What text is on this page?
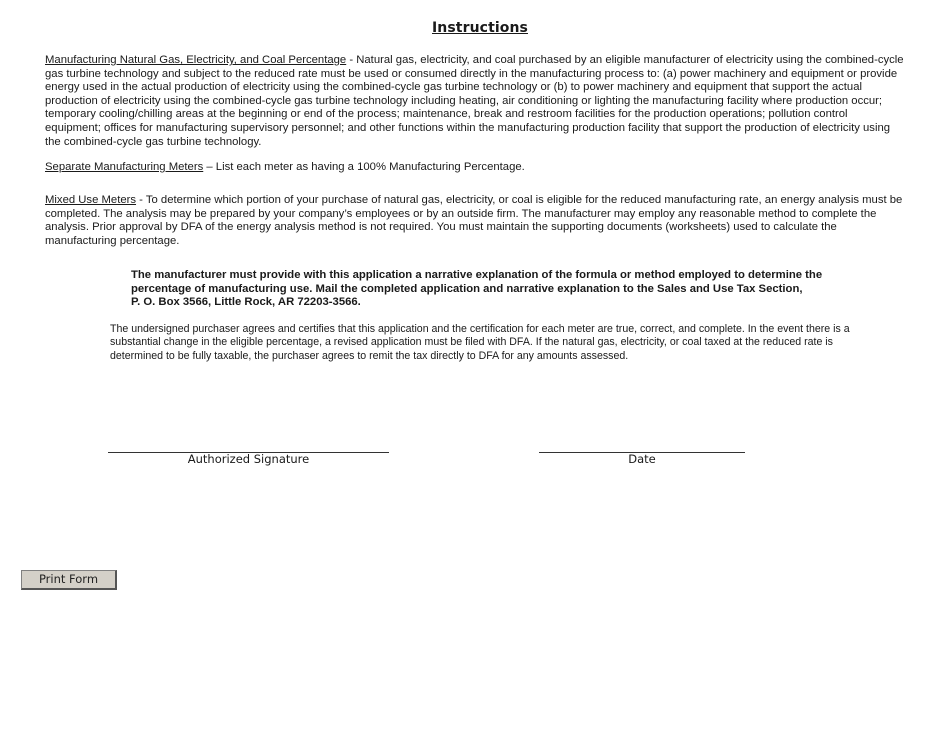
Instructions

Manufacturing Natural Gas, Electricity, and Coal Percentage - Natural gas, electricity, and coal purchased by an eligible manufacturer of electricity using the combined-cycle gas turbine technology and subject to the reduced rate must be used or consumed directly in the manufacturing process to: (a) power machinery and equipment or provide energy used in the actual production of electricity using the combined-cycle gas turbine technology or (b) to power machinery and equipment that support the actual production of electricity using the combined-cycle gas turbine technology including heating, air conditioning or lighting the manufacturing facility where production occur; temporary cooling/chilling areas at the beginning or end of the process; maintenance, break and restroom facilities for the production operations; pollution control equipment; offices for manufacturing supervisory personnel; and other functions within the manufacturing production facility that support the production of electricity using the combined-cycle gas turbine technology.

Separate Manufacturing Meters – List each meter as having a 100% Manufacturing Percentage.

Mixed Use Meters - To determine which portion of your purchase of natural gas, electricity, or coal is eligible for the reduced manufacturing rate, an energy analysis must be completed. The analysis may be prepared by your company’s employees or by an outside firm. The manufacturer may employ any reasonable method to complete the analysis. Prior approval by DFA of the energy analysis method is not required. You must maintain the supporting documents (worksheets) used to calculate the manufacturing percentage.

The manufacturer must provide with this application a narrative explanation of the formula or method employed to determine the
percentage of manufacturing use. Mail the completed application and narrative explanation to the Sales and Use Tax Section,
P. O. Box 3566, Little Rock, AR 72203-3566.

The undersigned purchaser agrees and certifies that this application and the certification for each meter are true, correct, and complete. In the event there is a substantial change in the eligible percentage, a revised application must be filed with DFA. If the natural gas, electricity, or coal taxed at the reduced rate is determined to be fully taxable, the purchaser agrees to remit the tax directly to DFA for any amounts assessed.

Authorized Signature	Date
Print Form
